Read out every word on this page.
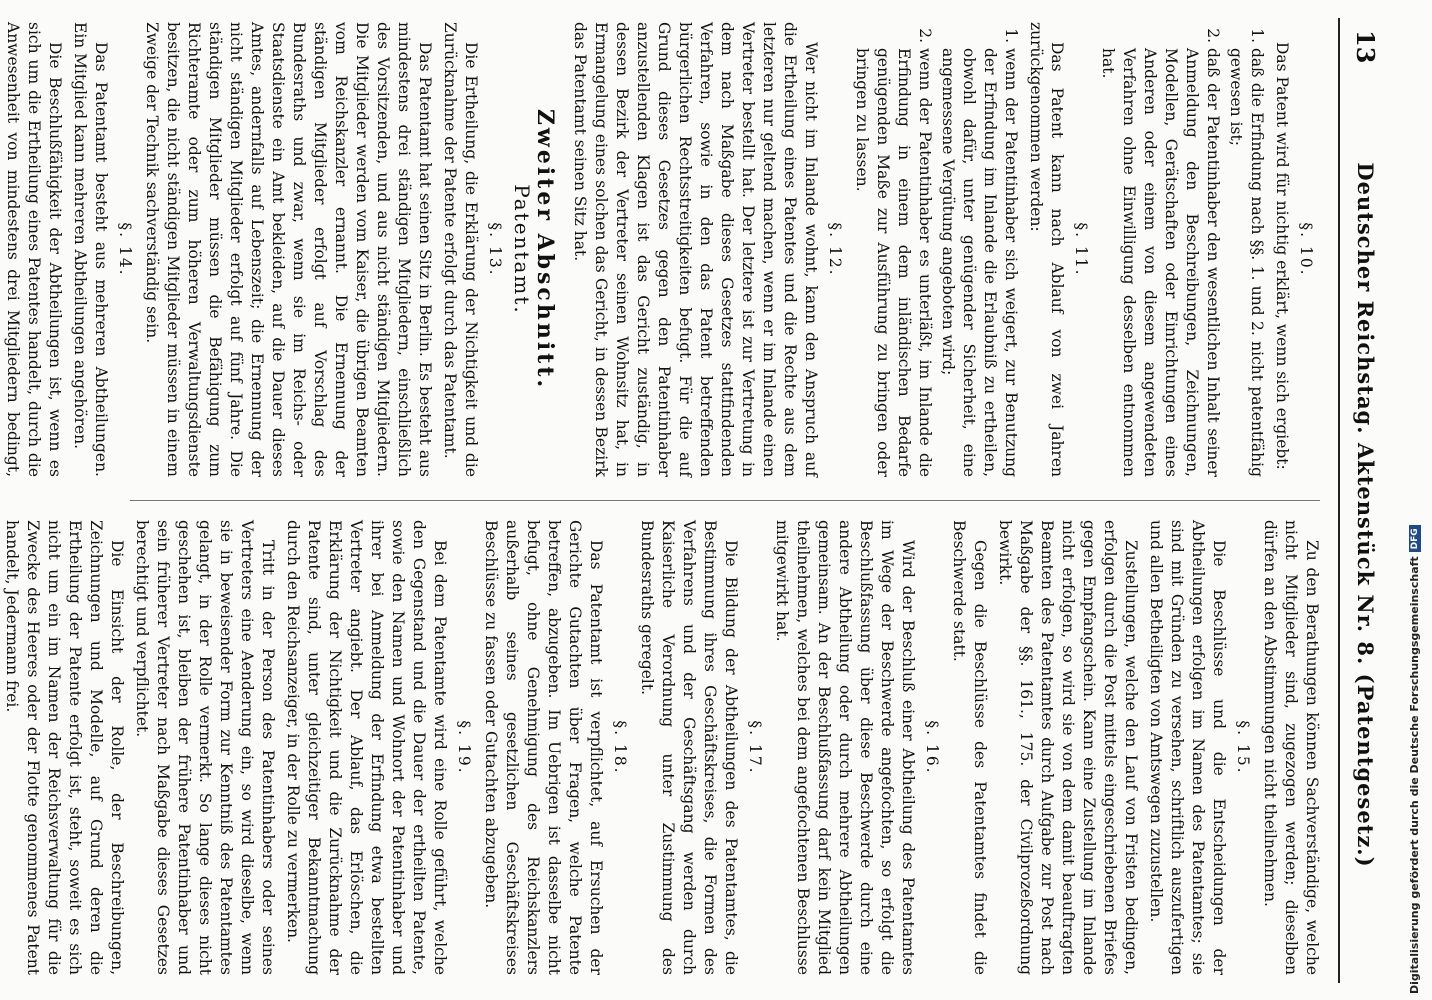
13
Deutscher Reichstag. Aktenstück Nr. 8. (Patentgesetz.)
§. 10.

Das Patent wird für nichtig erklärt, wenn sich ergiebt:

1. daß die Erfindung nach §§. 1. und 2. nicht patentfähig gewesen ist;
2. daß der Patentinhaber den wesentlichen Inhalt seiner Anmeldung den Beschreibungen, Zeichnungen, Modellen, Gerätschaften oder Einrichtungen eines Anderen oder einem von diesem angewendeten Verfahren ohne Einwilligung desselben entnommen hat.
§. 11.

Das Patent kann nach Ablauf von zwei Jahren zurückgenommen werden:

1. wenn der Patentinhaber sich weigert, zur Benutzung der Erfindung im Inlande die Erlaubniß zu ertheilen, obwohl dafür, unter genügender Sicherheit, eine angemessene Vergütung angeboten wird;
2. wenn der Patentinhaber es unterläßt, im Inlande die Erfindung in einem dem inländischen Bedarfe genügenden Maße zur Ausführung zu bringen oder bringen zu lassen.
§. 12.

Wer nicht im Inlande wohnt, kann den Anspruch auf die Ertheilung eines Patentes und die Rechte aus dem letzteren nur geltend machen, wenn er im Inlande einen Vertreter bestellt hat. Der letztere ist zur Vertretung in dem nach Maßgabe dieses Gesetzes stattfindenden Verfahren, sowie in den das Patent betreffenden bürgerlichen Rechtsstreitigkeiten befugt. Für die auf Grund dieses Gesetzes gegen den Patentinhaber anzustellenden Klagen ist das Gericht zuständig, in dessen Bezirk der Vertreter seinen Wohnsitz hat, in Ermangelung eines solchen das Gericht, in dessen Bezirk das Patentamt seinen Sitz hat.

Zweiter Abschnitt.
Patentamt.
§. 13.

Die Ertheilung, die Erklärung der Nichtigkeit und die Zurücknahme der Patente erfolgt durch das Patentamt.

Das Patentamt hat seinen Sitz in Berlin. Es besteht aus mindestens drei ständigen Mitgliedern, einschließlich des Vorsitzenden, und aus nicht ständigen Mitgliedern. Die Mitglieder werden vom Kaiser, die übrigen Beamten vom Reichskanzler ernannt. Die Ernennung der ständigen Mitglieder erfolgt auf Vorschlag des Bundesraths und zwar, wenn sie im Reichs- oder Staatsdienste ein Amt bekleiden, auf die Dauer dieses Amtes, andernfalls auf Lebenszeit; die Ernennung der nicht ständigen Mitglieder erfolgt auf fünf Jahre. Die ständigen Mitglieder müssen die Befähigung zum Richteramte oder zum höheren Verwaltungsdienste besitzen, die nicht ständigen Mitglieder müssen in einem Zweige der Technik sachverständig sein.

§. 14.

Das Patentamt besteht aus mehreren Abtheilungen. Ein Mitglied kann mehreren Abtheilungen angehören.

Die Beschlußfähigkeit der Abtheilungen ist, wenn es sich um die Ertheilung eines Patentes handelt, durch die Anwesenheit von mindestens drei Mitgliedern bedingt,

Zu den Berathungen können Sachverständige, welche nicht Mitglieder sind, zugezogen werden; dieselben dürfen an den Abstimmungen nicht theilnehmen.

§. 15.

Die Beschlüsse und die Entscheidungen der Abtheilungen erfolgen im Namen des Patentamtes; sie sind mit Gründen zu versehen, schriftlich auszufertigen und allen Betheiligten von Amtswegen zuzustellen.

Zustellungen, welche den Lauf von Fristen bedingen, erfolgen durch die Post mittels eingeschriebenen Briefes gegen Empfangschein. Kann eine Zustellung im Inlande nicht erfolgen, so wird sie von dem damit beauftragten Beamten des Patentamtes durch Aufgabe zur Post nach Maßgabe der §§. 161., 175. der Civilprozeßordnung bewirkt.

Gegen die Beschlüsse des Patentamtes findet die Beschwerde statt.

§. 16.

Wird der Beschluß einer Abtheilung des Patentamtes im Wege der Beschwerde angefochten, so erfolgt die Beschlußfassung über diese Beschwerde durch eine andere Abtheilung oder durch mehrere Abtheilungen gemeinsam. An der Beschlußfassung darf kein Mitglied theilnehmen, welches bei dem angefochtenen Beschlusse mitgewirkt hat.

§. 17.

Die Bildung der Abtheilungen des Patentamtes, die Bestimmung ihres Geschäftskreises, die Formen des Verfahrens und der Geschäftsgang werden durch Kaiserliche Verordnung unter Zustimmung des Bundesraths geregelt.

§. 18.

Das Patentamt ist verpflichtet, auf Ersuchen der Gerichte Gutachten über Fragen, welche Patente betreffen, abzugeben. Im Uebrigen ist dasselbe nicht befugt, ohne Genehmigung des Reichskanzlers außerhalb seines gesetzlichen Geschäftskreises Beschlüsse zu fassen oder Gutachten abzugeben.

§. 19.

Bei dem Patentamte wird eine Rolle geführt, welche den Gegenstand und die Dauer der ertheilten Patente, sowie den Namen und Wohnort der Patentinhaber und ihrer bei Anmeldung der Erfindung etwa bestellten Vertreter angiebt. Der Ablauf, das Erlöschen, die Erklärung der Nichtigkeit und die Zurücknahme der Patente sind, unter gleichzeitiger Bekanntmachung durch den Reichsanzeiger, in der Rolle zu vermerken.

Tritt in der Person des Patentinhabers oder seines Vertreters eine Aenderung ein, so wird dieselbe, wenn sie in beweisender Form zur Kenntniß des Patentamtes gelangt, in der Rolle vermerkt. So lange dieses nicht geschehen ist, bleiben der frühere Patentinhaber und sein früherer Vertreter nach Maßgabe dieses Gesetzes berechtigt und verpflichtet.

Die Einsicht der Rolle, der Beschreibungen, Zeichnungen und Modelle, auf Grund deren die Ertheilung der Patente erfolgt ist, steht, soweit es sich nicht um ein im Namen der Reichsverwaltung für die Zwecke des Heeres oder der Flotte genommenes Patent handelt, Jedermann frei.	Digitalisierung gefördert durch die Deutsche Forschungsgemeinschaft
DFG
